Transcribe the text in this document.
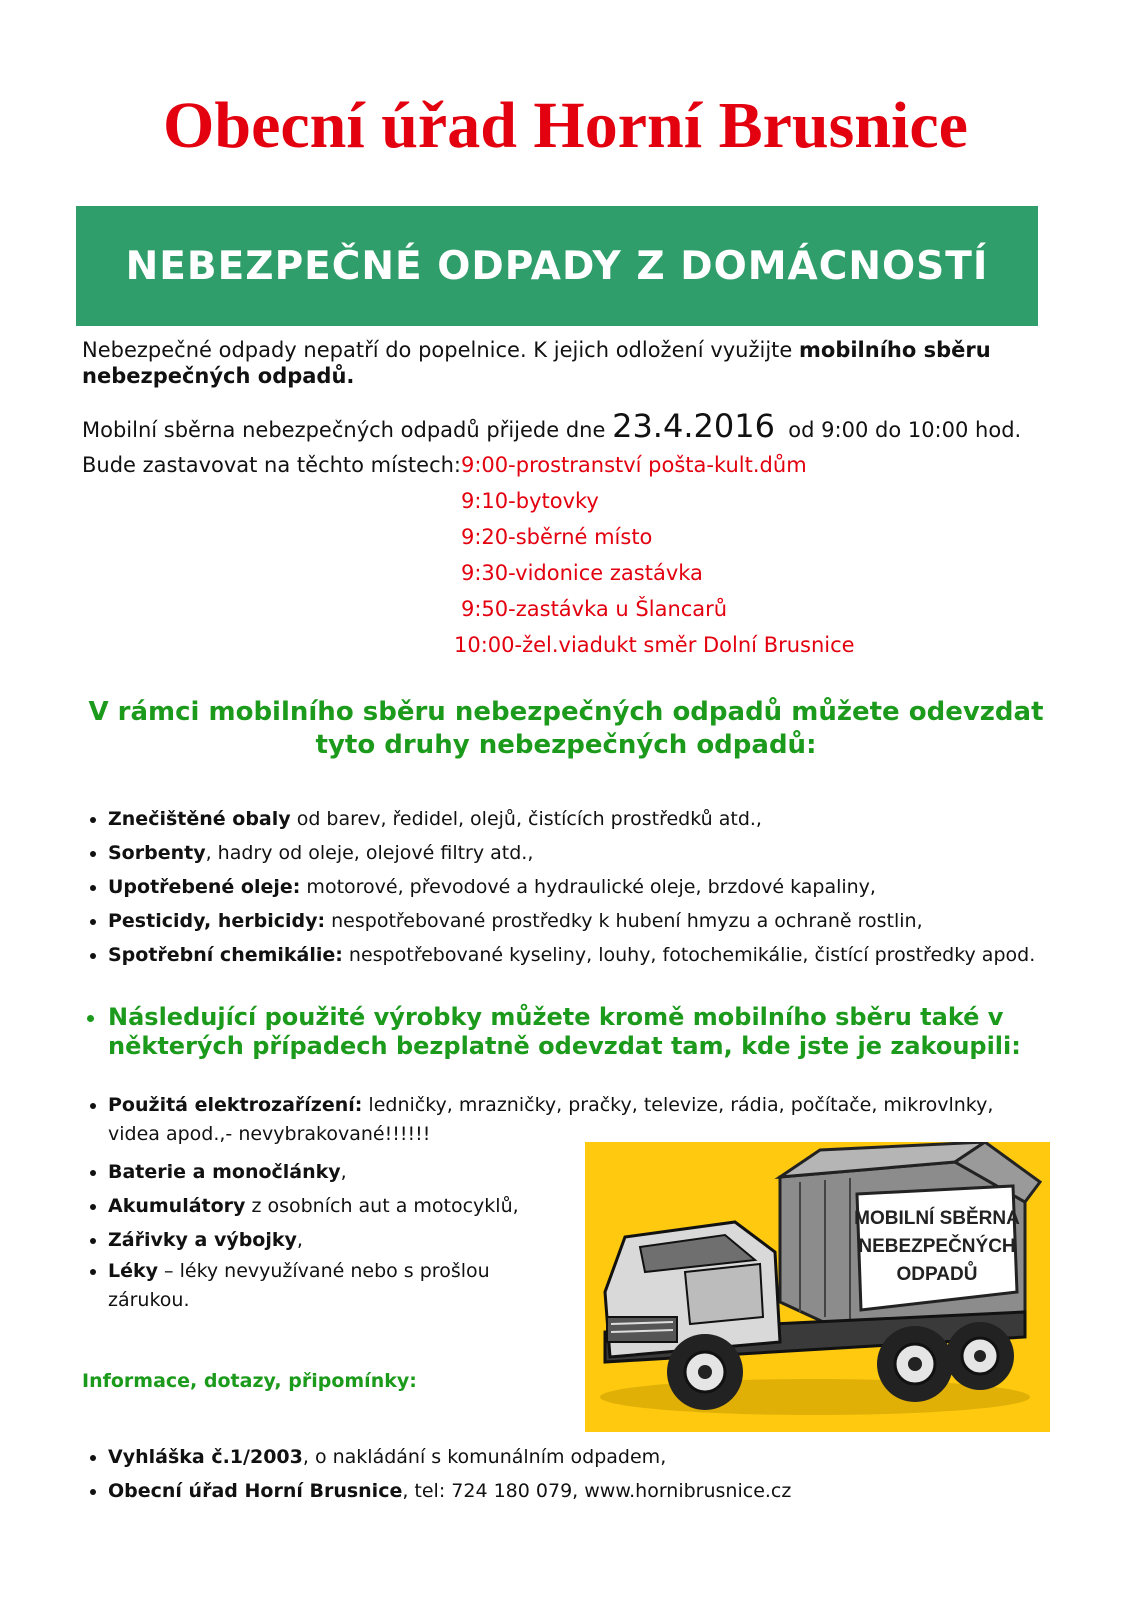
Obecní úřad Horní Brusnice
NEBEZPEČNÉ ODPADY Z DOMÁCNOSTÍ

Nebezpečné odpady nepatří do popelnice. K jejich odložení využijte mobilního sběru nebezpečných odpadů.

Mobilní sběrna nebezpečných odpadů přijede dne 23.4.2016 od 9:00 do 10:00 hod.
Bude zastavovat na těchto místech: 9:00-prostranství pošta-kult.dům
9:10-bytovky
9:20-sběrné místo
9:30-vidonice zastávka
9:50-zastávka u Šlancarů
10:00-žel.viadukt směr Dolní Brusnice
V rámci mobilního sběru nebezpečných odpadů můžete odevzdat tyto druhy nebezpečných odpadů:
• Znečištěné obaly od barev, ředidel, olejů, čistících prostředků atd.,
• Sorbenty, hadry od oleje, olejové filtry atd.,
• Upotřebené oleje: motorové, převodové a hydraulické oleje, brzdové kapaliny,
• Pesticidy, herbicidy: nespotřebované prostředky k hubení hmyzu a ochraně rostlin,
• Spotřební chemikálie: nespotřebované kyseliny, louhy, fotochemikálie, čistící prostředky apod.
• Následující použité výrobky můžete kromě mobilního sběru také v některých případech bezplatně odevzdat tam, kde jste je zakoupili:
• Použitá elektrozařízení: ledničky, mrazničky, pračky, televize, rádia, počítače, mikrovlnky, videa apod.,- nevybrakované!!!!!!
• Baterie a monočlánky,
• Akumulátory z osobních aut a motocyklů,
• Zářivky a výbojky,
• Léky – léky nevyužívané nebo s prošlou zárukou.
MOBILNÍ SBĚRNA
NEBEZPEČNÝCH
ODPADŮ
Informace, dotazy, připomínky:
• Vyhláška č.1/2003, o nakládání s komunálním odpadem,
• Obecní úřad Horní Brusnice, tel: 724 180 079, www.hornibrusnice.cz
